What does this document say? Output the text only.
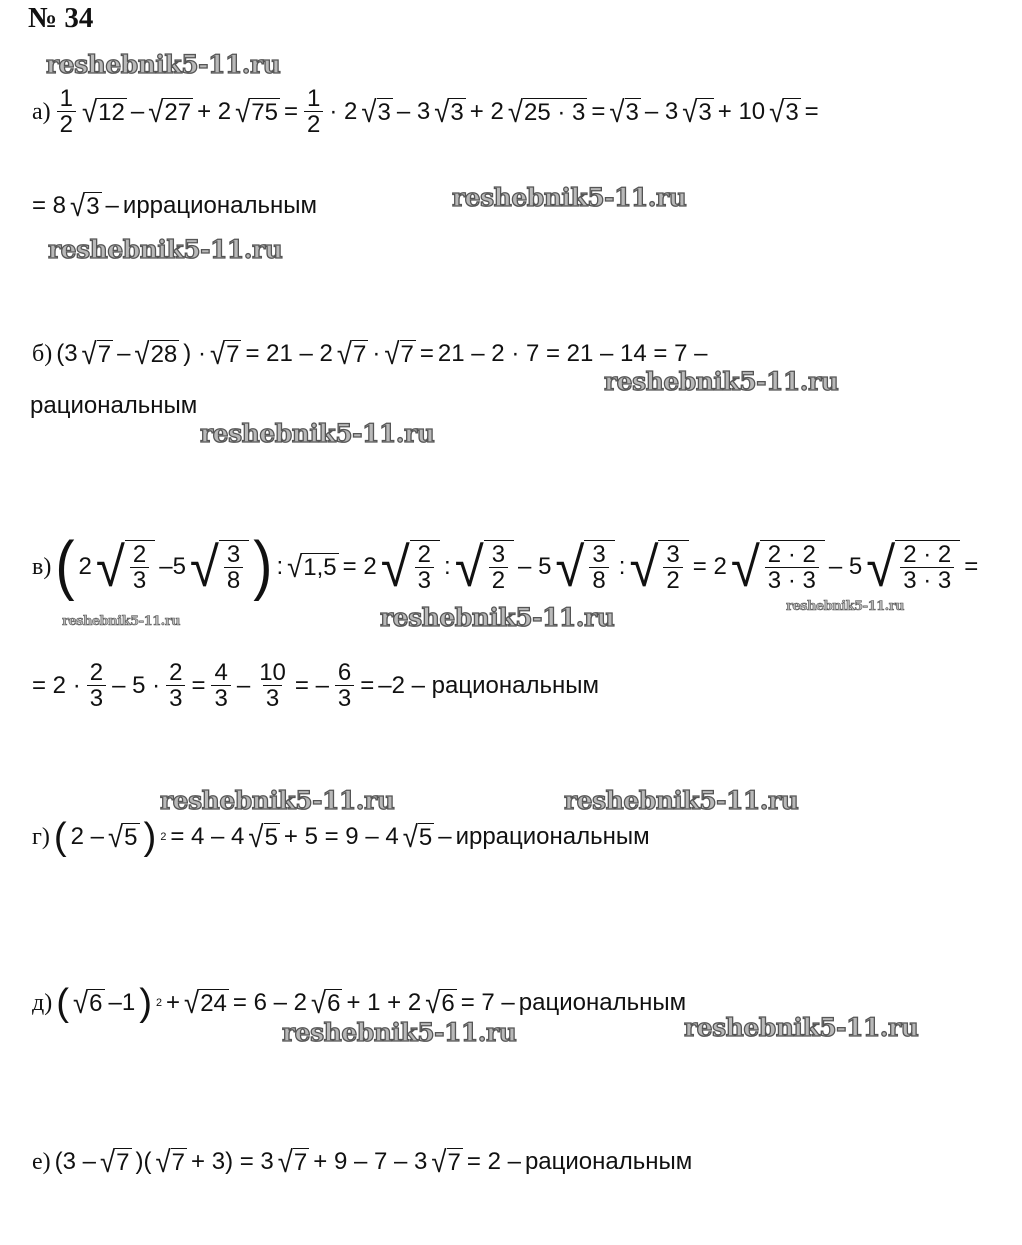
№ 34
reshebnik5-11.ru
reshebnik5-11.ru
reshebnik5-11.ru
reshebnik5-11.ru
reshebnik5-11.ru
reshebnik5-11.ru	reshebnik5-11.ru	reshebnik5-11.ru
reshebnik5-11.ru	reshebnik5-11.ru
reshebnik5-11.ru	reshebnik5-11.ru
$а) \frac{1}{2}$ √ 12 – √ 27 + 2 √ $75 = \frac{1}{2} \cdot 2$ √ 3 – 3 √ 3 + 2 √ 25 · 3 = √ 3 – 3 √ 3 + 10 √ 3 =
= 8 √ 3 – иррациональным
б) (3 √ 7 – √ 28 ) · √ 7 = 21 – 2 √ 7 · √ 7 = 21 – 2 · 7 = 21 – 14 = 7 –
рациональным
в) ( 2 √ $\frac{2}{3} -5$ √ $\frac{3}{8}$ ) : √ 1,5 = 2 √ $\frac{2}{3}$ : √ $\frac{3}{2} - 5$ √ $\frac{3}{8}$ : √ $\frac{3}{2} = 2$ √ $\frac{2 \cdot 2}{3 \cdot 3} - 5$ √ $\frac{2 \cdot 2}{3 \cdot 3}$ =
= $2 \cdot \frac{2}{3} - 5 \cdot \frac{2}{3} = \frac{4}{3} - \frac{10}{3}$ = – $\frac{6}{3} = -2$ – рациональным
г) ( 2 – √ 5 ) 2 = 4 – 4 √ 5 + 5 = 9 – 4 √ 5 – иррациональным
д) ( √ 6 –1 ) 2 + √ 24 = 6 – 2 √ 6 + 1 + 2 √ 6 = 7 – рациональным
е) (3 – √ 7 )( √ 7 + 3) = 3 √ 7 + 9 – 7 – 3 √ 7 = 2 – рациональным
